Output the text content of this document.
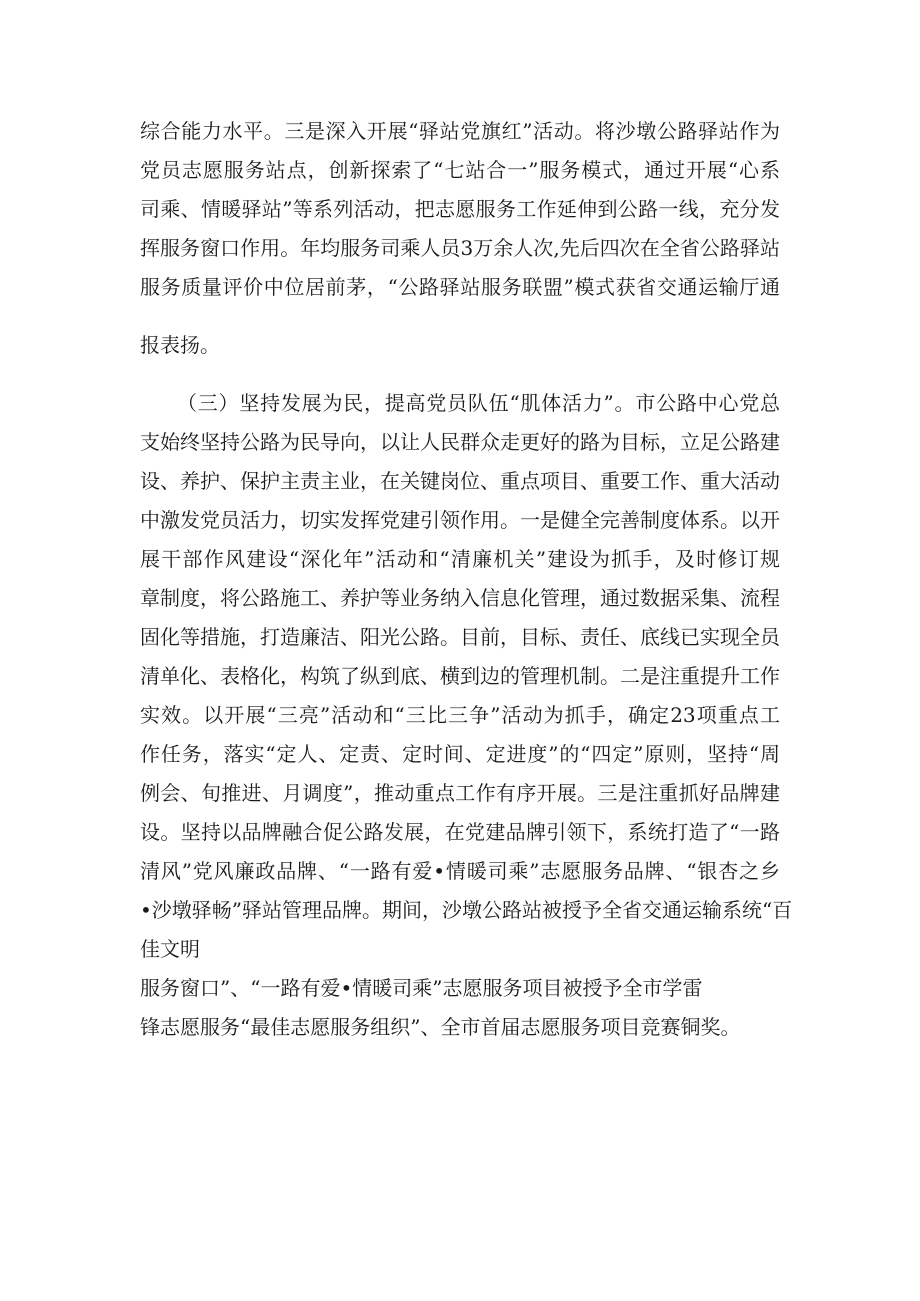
综合能力水平。三是深入开展“驿站党旗红”活动。将沙墩公路驿站作为
党员志愿服务站点，创新探索了“七站合一”服务模式，通过开展“心系
司乘、情暖驿站”等系列活动，把志愿服务工作延伸到公路一线，充分发
挥服务窗口作用。年均服务司乘人员3万余人次,先后四次在全省公路驿站
服务质量评价中位居前茅，“公路驿站服务联盟”模式获省交通运输厅通
报表扬。
（三）坚持发展为民，提高党员队伍“肌体活力”。市公路中心党总
支始终坚持公路为民导向，以让人民群众走更好的路为目标，立足公路建
设、养护、保护主责主业，在关键岗位、重点项目、重要工作、重大活动
中激发党员活力，切实发挥党建引领作用。一是健全完善制度体系。以开
展干部作风建设“深化年”活动和“清廉机关”建设为抓手，及时修订规
章制度，将公路施工、养护等业务纳入信息化管理，通过数据采集、流程
固化等措施，打造廉洁、阳光公路。目前，目标、责任、底线已实现全员
清单化、表格化，构筑了纵到底、横到边的管理机制。二是注重提升工作
实效。以开展“三亮”活动和“三比三争”活动为抓手，确定23项重点工
作任务，落实“定人、定责、定时间、定进度”的“四定”原则，坚持“周
例会、旬推进、月调度”，推动重点工作有序开展。三是注重抓好品牌建
设。坚持以品牌融合促公路发展，在党建品牌引领下，系统打造了“一路
清风”党风廉政品牌、“一路有爱•情暖司乘”志愿服务品牌、“银杏之乡
•沙墩驿畅”驿站管理品牌。期间，沙墩公路站被授予全省交通运输系统“百
佳文明
服务窗口”、“一路有爱•情暖司乘”志愿服务项目被授予全市学雷
锋志愿服务“最佳志愿服务组织”、全市首届志愿服务项目竞赛铜奖。
